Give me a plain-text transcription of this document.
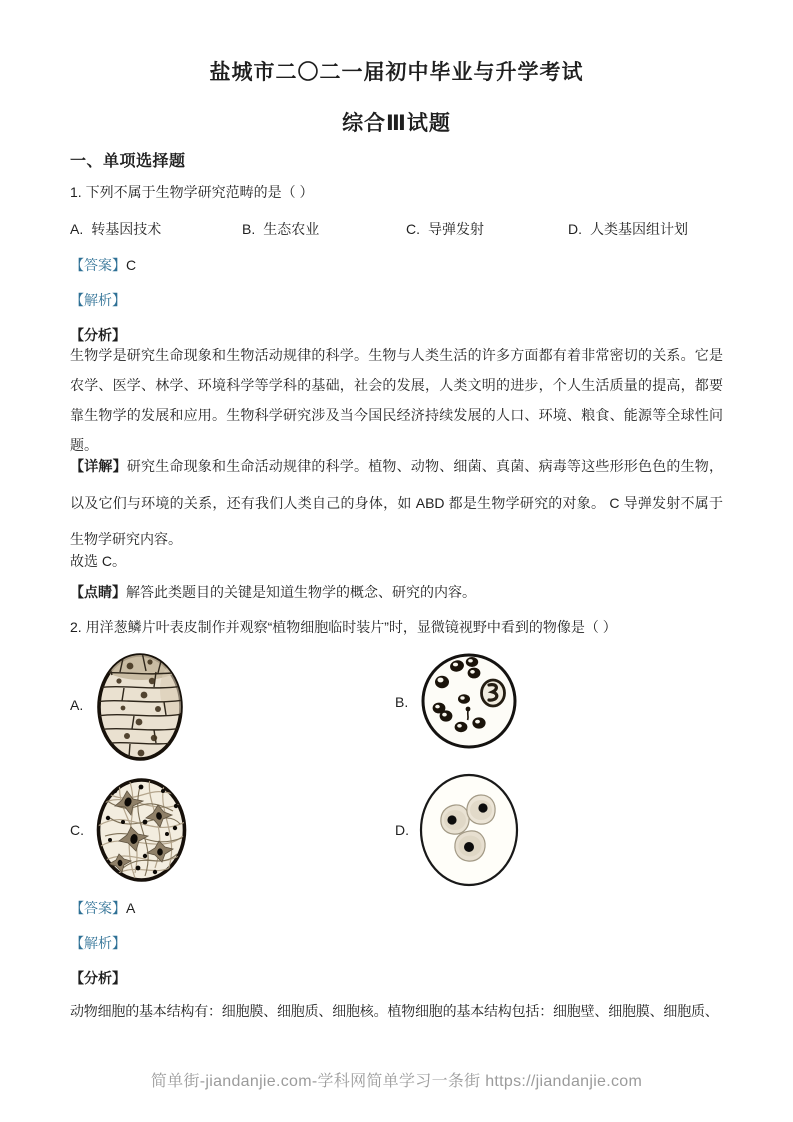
盐城市二〇二一届初中毕业与升学考试
综合Ⅲ试题
一、单项选择题
1. 下列不属于生物学研究范畴的是（ ）
A. 转基因技术	B. 生态农业	C. 导弹发射	D. 人类基因组计划
【答案】C
【解析】
【分析】
生物学是研究生命现象和生物活动规律的科学。生物与人类生活的许多方面都有着非常密切的关系。它是农学、医学、林学、环境科学等学科的基础，社会的发展，人类文明的进步，个人生活质量的提高，都要靠生物学的发展和应用。生物科学研究涉及当今国民经济持续发展的人口、环境、粮食、能源等全球性问题。
【详解】研究生命现象和生命活动规律的科学。植物、动物、细菌、真菌、病毒等这些形形色色的生物，以及它们与环境的关系，还有我们人类自己的身体，如 ABD 都是生物学研究的对象。 C 导弹发射不属于生物学研究内容。
故选 C。
【点睛】解答此类题目的关键是知道生物学的概念、研究的内容。
2. 用洋葱鳞片叶表皮制作并观察“植物细胞临时装片”时，显微镜视野中看到的物像是（ ）
A.	B.
C.	D.
【答案】A
【解析】
【分析】
动物细胞的基本结构有：细胞膜、细胞质、细胞核。植物细胞的基本结构包括：细胞壁、细胞膜、细胞质、
简单街-jiandanjie.com-学科网简单学习一条街 https://jiandanjie.com
